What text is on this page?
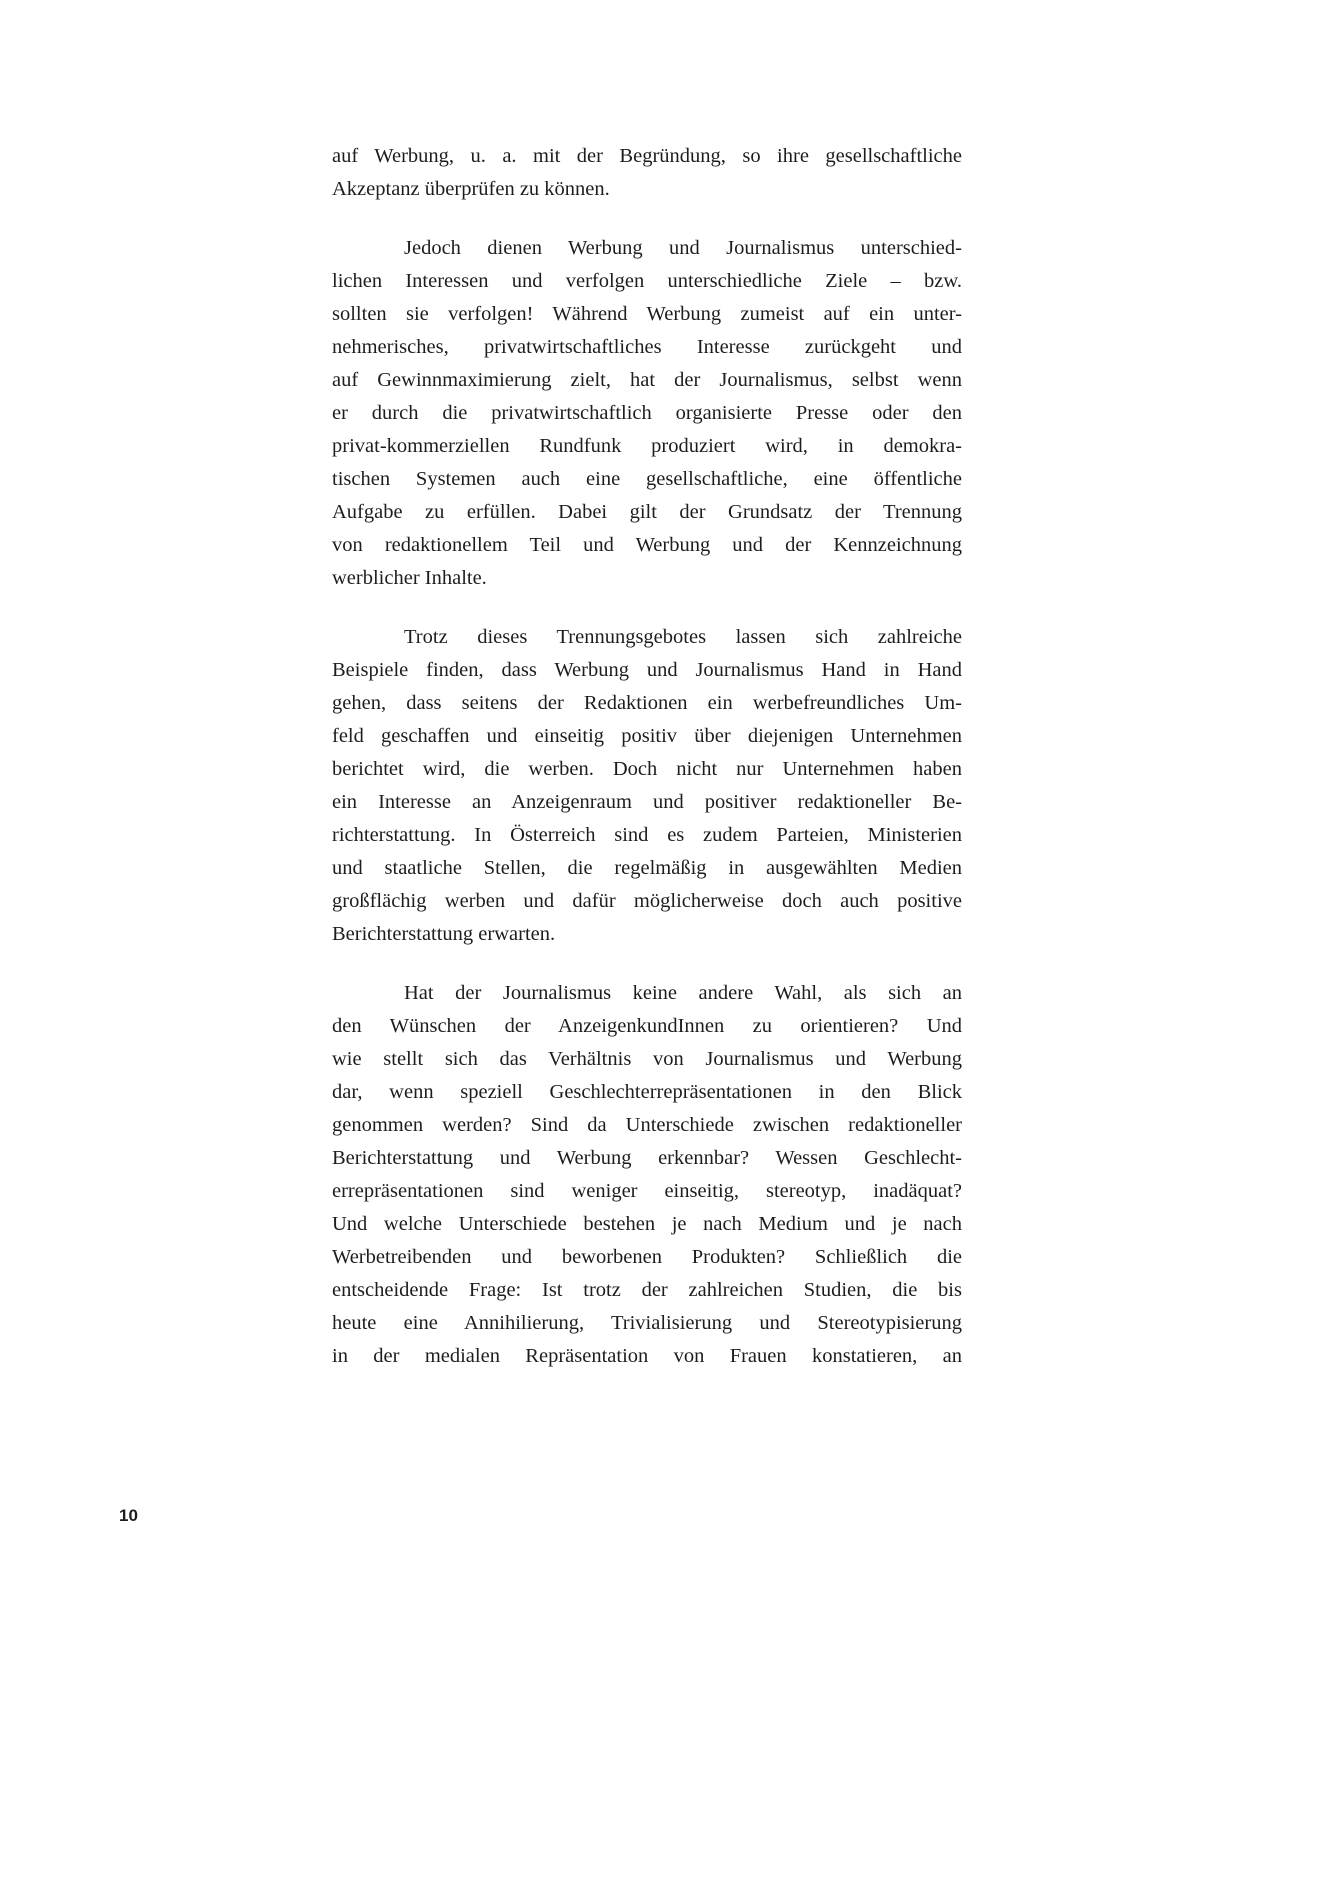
auf Werbung, u. a. mit der Begründung, so ihre gesellschaftliche
Akzeptanz überprüfen zu können.
Jedoch dienen Werbung und Journalismus unterschied-
lichen Interessen und verfolgen unterschiedliche Ziele – bzw.
sollten sie verfolgen! Während Werbung zumeist auf ein unter-
nehmerisches, privatwirtschaftliches Interesse zurückgeht und
auf Gewinnmaximierung zielt, hat der Journalismus, selbst wenn
er durch die privatwirtschaftlich organisierte Presse oder den
privat-kommerziellen Rundfunk produziert wird, in demokra-
tischen Systemen auch eine gesellschaftliche, eine öffentliche
Aufgabe zu erfüllen. Dabei gilt der Grundsatz der Trennung
von redaktionellem Teil und Werbung und der Kennzeichnung
werblicher Inhalte.
Trotz dieses Trennungsgebotes lassen sich zahlreiche
Beispiele finden, dass Werbung und Journalismus Hand in Hand
gehen, dass seitens der Redaktionen ein werbefreundliches Um-
feld geschaffen und einseitig positiv über diejenigen Unternehmen
berichtet wird, die werben. Doch nicht nur Unternehmen haben
ein Interesse an Anzeigenraum und positiver redaktioneller Be-
richterstattung. In Österreich sind es zudem Parteien, Ministerien
und staatliche Stellen, die regelmäßig in ausgewählten Medien
großflächig werben und dafür möglicherweise doch auch positive
Berichterstattung erwarten.
Hat der Journalismus keine andere Wahl, als sich an
den Wünschen der AnzeigenkundInnen zu orientieren? Und
wie stellt sich das Verhältnis von Journalismus und Werbung
dar, wenn speziell Geschlechterrepräsentationen in den Blick
genommen werden? Sind da Unterschiede zwischen redaktioneller
Berichterstattung und Werbung erkennbar? Wessen Geschlecht-
errepräsentationen sind weniger einseitig, stereotyp, inadäquat?
Und welche Unterschiede bestehen je nach Medium und je nach
Werbetreibenden und beworbenen Produkten? Schließlich die
entscheidende Frage: Ist trotz der zahlreichen Studien, die bis
heute eine Annihilierung, Trivialisierung und Stereotypisierung
in der medialen Repräsentation von Frauen konstatieren, an
10
